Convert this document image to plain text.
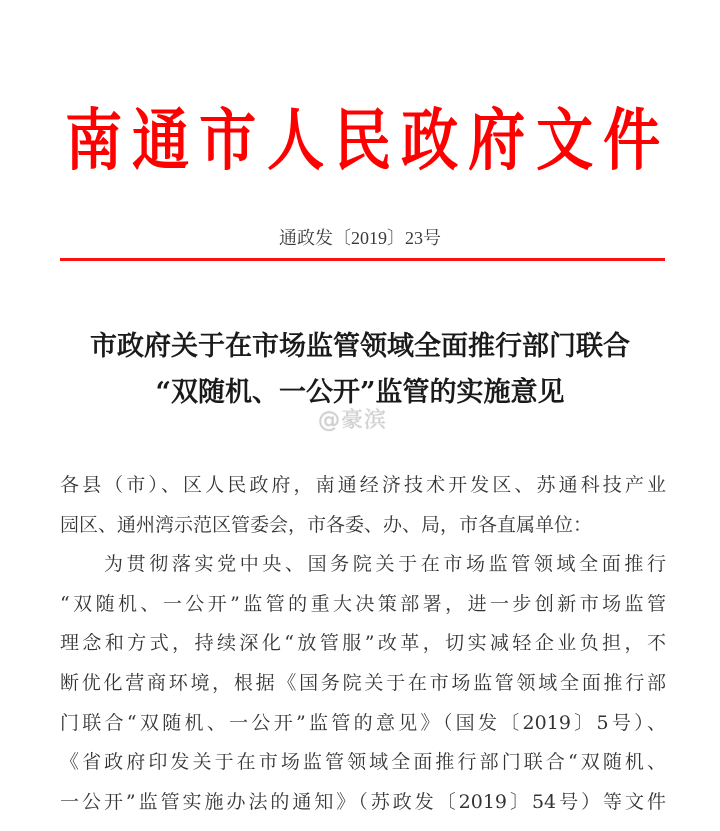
南 通 市 人 民 政 府 文 件
通政发〔2019〕23号
市政府关于在市场监管领域全面推行部门联合
“双随机、一公开”监管的实施意见
@豪滨
各县（市）、区人民政府，南通经济技术开发区、苏通科技产业
园区、通州湾示范区管委会，市各委、办、局，市各直属单位：
为贯彻落实党中央、国务院关于在市场监管领域全面推行
“双随机、一公开”监管的重大决策部署，进一步创新市场监管
理念和方式，持续深化“放管服”改革，切实减轻企业负担，不
断优化营商环境，根据《国务院关于在市场监管领域全面推行部
门联合“双随机、一公开”监管的意见》（国发〔2019〕5号）、
《省政府印发关于在市场监管领域全面推行部门联合“双随机、
一公开”监管实施办法的通知》（苏政发〔2019〕54号）等文件
